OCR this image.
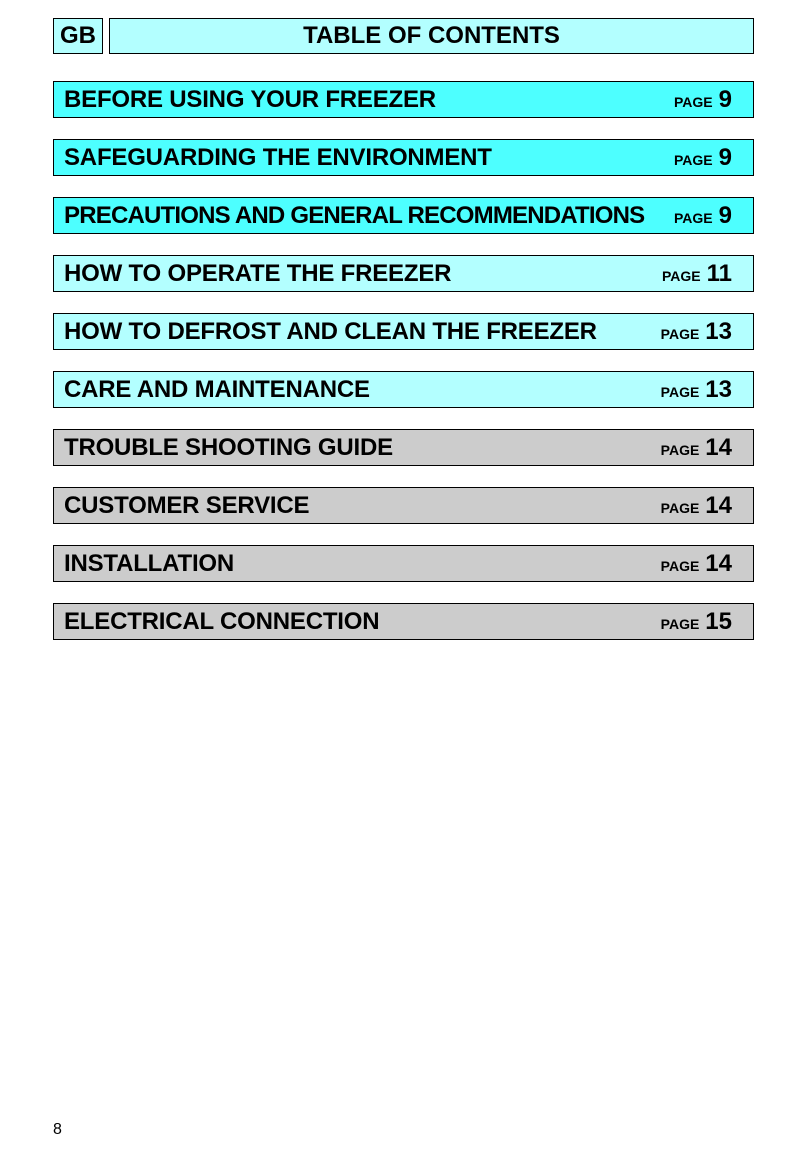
GB	TABLE OF CONTENTS
BEFORE USING YOUR FREEZER	PAGE 9
SAFEGUARDING THE ENVIRONMENT	PAGE 9
PRECAUTIONS AND GENERAL RECOMMENDATIONS PAGE 9
HOW TO OPERATE THE FREEZER	PAGE 11
HOW TO DEFROST AND CLEAN THE FREEZER	PAGE 13
CARE AND MAINTENANCE	PAGE 13
TROUBLE SHOOTING GUIDE	PAGE 14
CUSTOMER SERVICE	PAGE 14
INSTALLATION	PAGE 14
ELECTRICAL CONNECTION	PAGE 15
8
